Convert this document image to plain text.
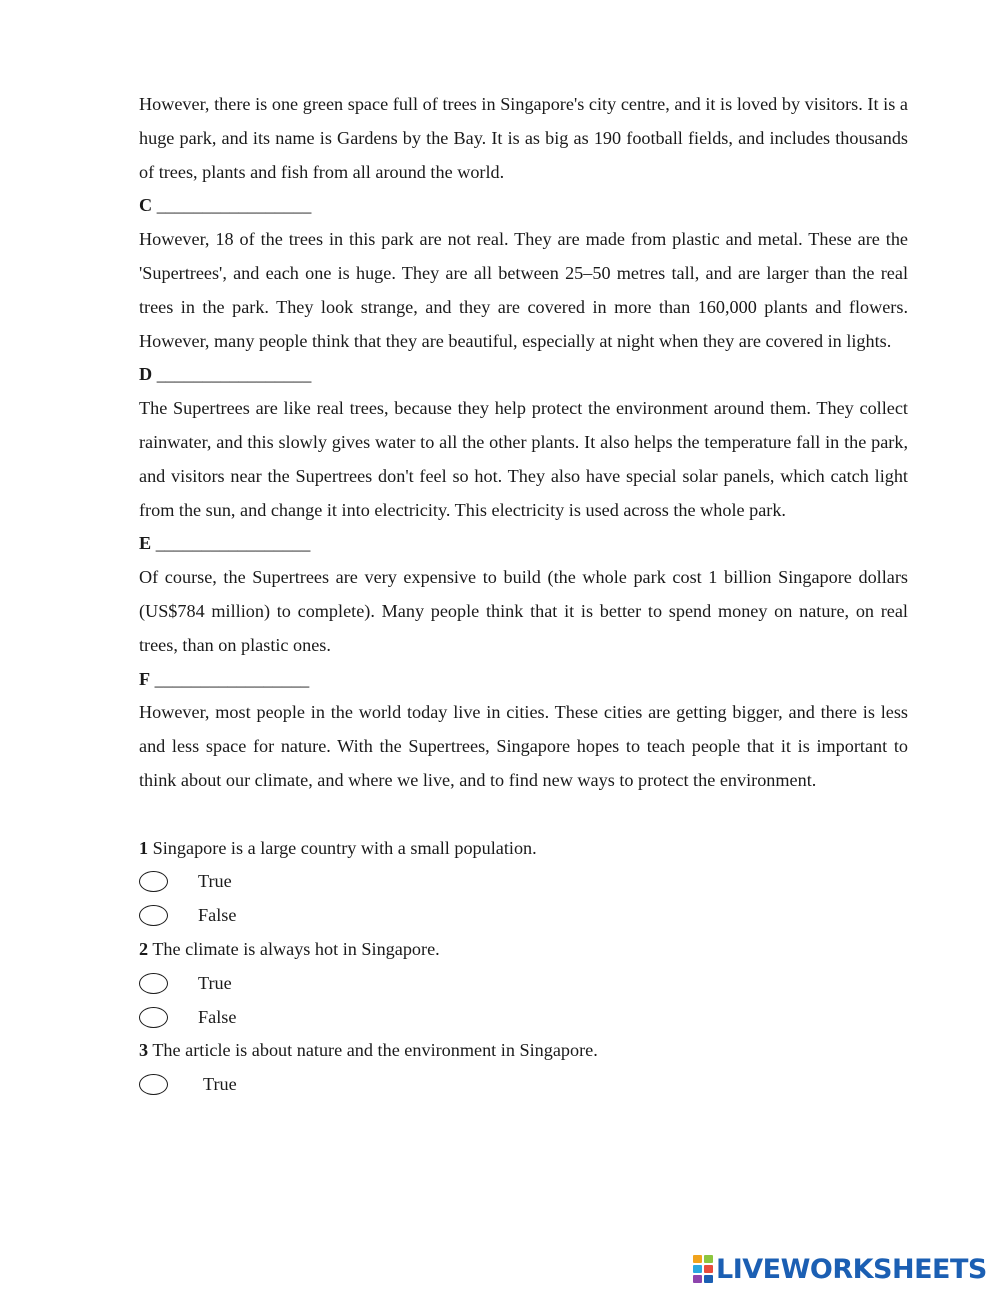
However, there is one green space full of trees in Singapore's city centre, and it is loved by visitors. It is a huge park, and its name is Gardens by the Bay. It is as big as 190 football fields, and includes thousands of trees, plants and fish from all around the world.

C _________________

However, 18 of the trees in this park are not real. They are made from plastic and metal. These are the 'Supertrees', and each one is huge. They are all between 25–50 metres tall, and are larger than the real trees in the park. They look strange, and they are covered in more than 160,000 plants and flowers. However, many people think that they are beautiful, especially at night when they are covered in lights.

D _________________

The Supertrees are like real trees, because they help protect the environment around them. They collect rainwater, and this slowly gives water to all the other plants. It also helps the temperature fall in the park, and visitors near the Supertrees don't feel so hot. They also have special solar panels, which catch light from the sun, and change it into electricity. This electricity is used across the whole park.

E _________________

Of course, the Supertrees are very expensive to build (the whole park cost 1 billion Singapore dollars (US$784 million) to complete). Many people think that it is better to spend money on nature, on real trees, than on plastic ones.

F _________________

However, most people in the world today live in cities. These cities are getting bigger, and there is less and less space for nature. With the Supertrees, Singapore hopes to teach people that it is important to think about our climate, and where we live, and to find new ways to protect the environment.

1 Singapore is a large country with a small population.

True
False

2 The climate is always hot in Singapore.

True
False

3 The article is about nature and the environment in Singapore.

True
LIVEWORKSHEETS
